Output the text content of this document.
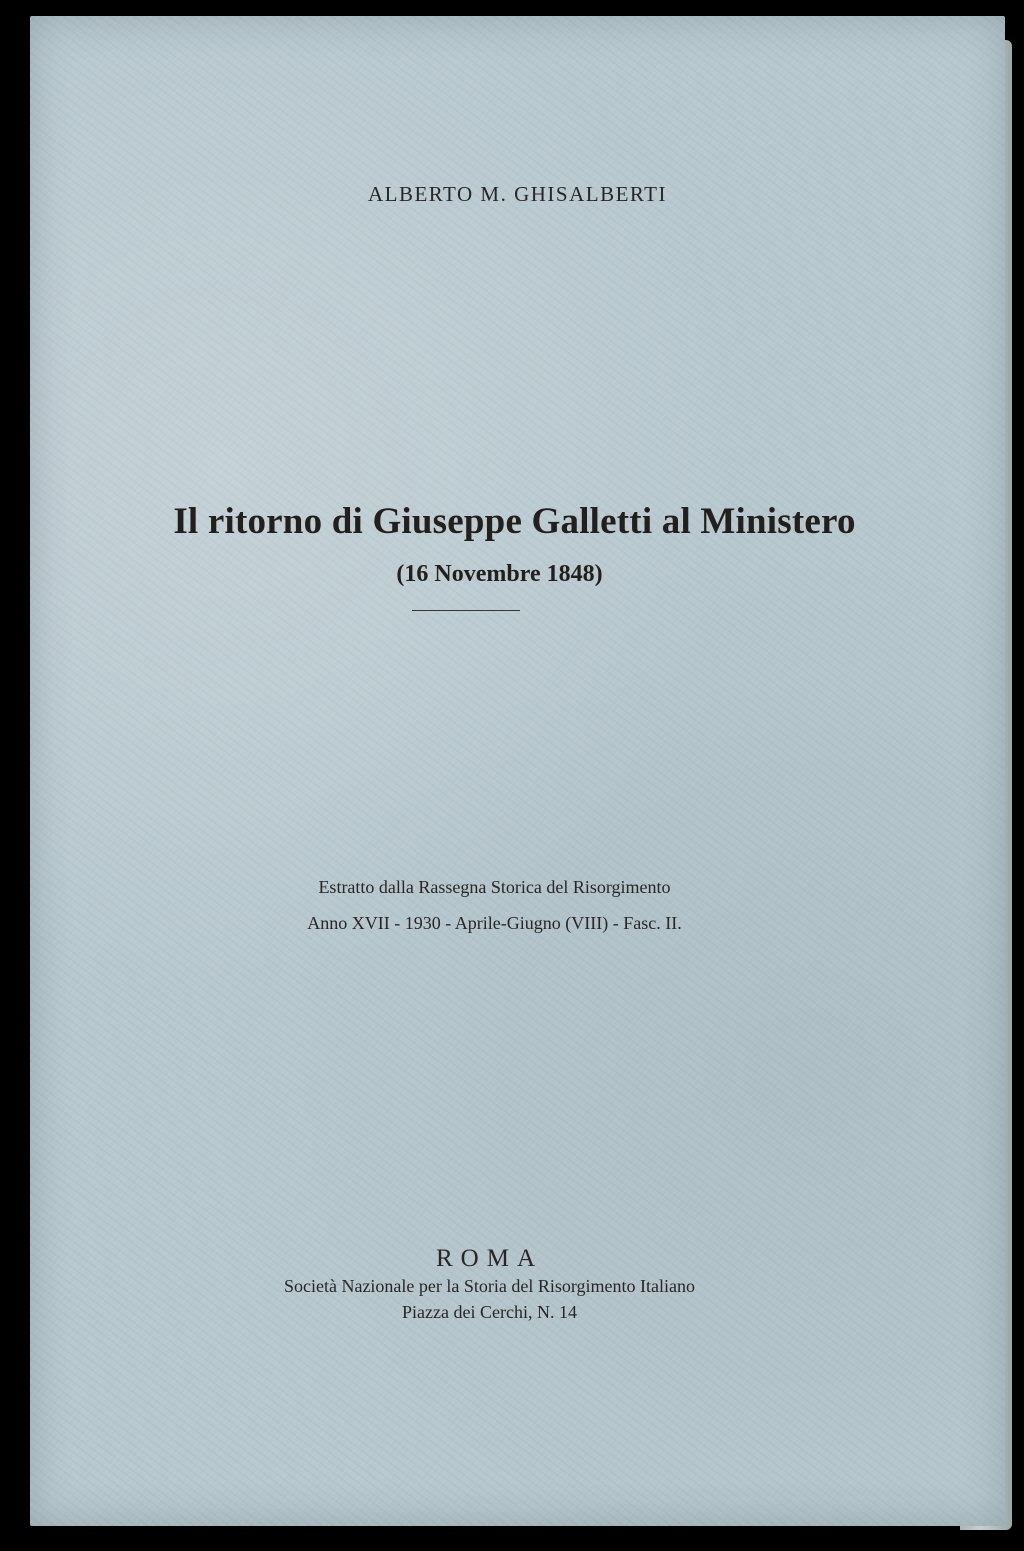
ALBERTO M. GHISALBERTI
Il ritorno di Giuseppe Galletti al Ministero
(16 Novembre 1848)
Estratto dalla Rassegna Storica del Risorgimento
Anno XVII - 1930 - Aprile-Giugno (VIII) - Fasc. II.
ROMA
Società Nazionale per la Storia del Risorgimento Italiano
Piazza dei Cerchi, N. 14
